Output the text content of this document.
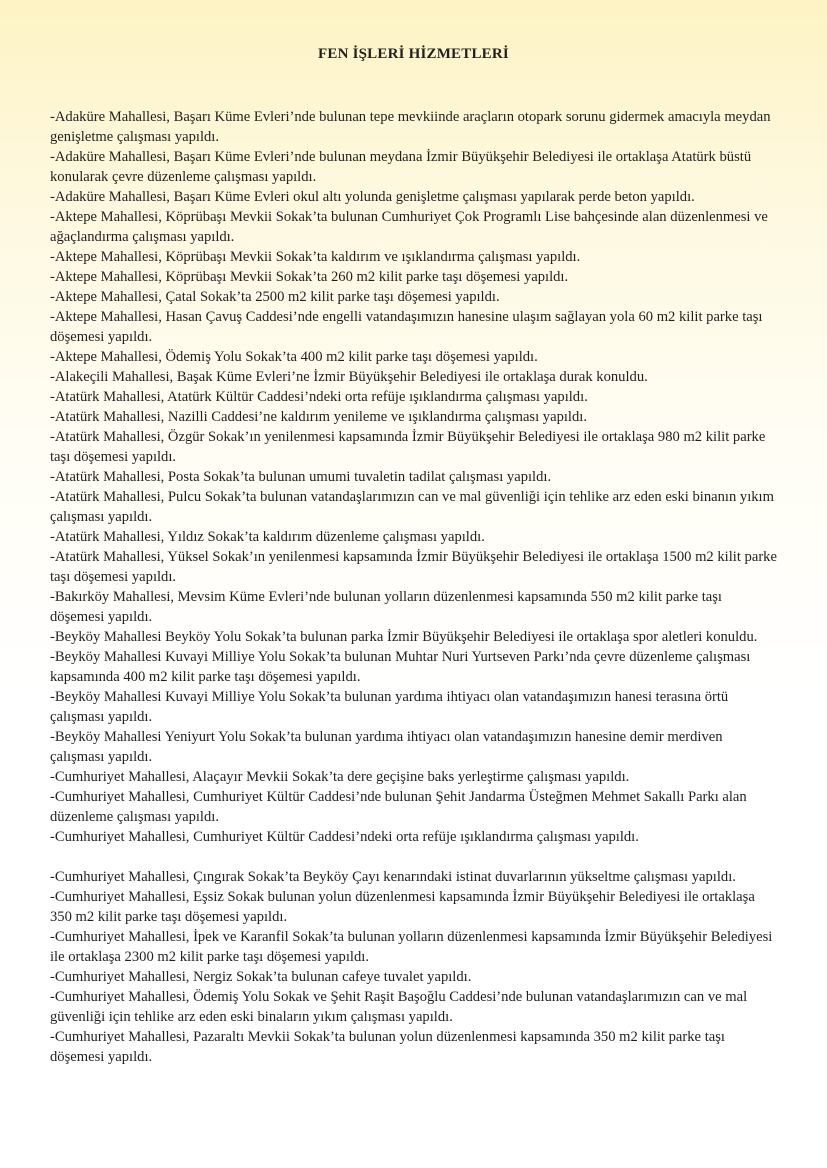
FEN İŞLERİ HİZMETLERİ

-Adaküre Mahallesi, Başarı Küme Evleri’nde bulunan tepe mevkiinde araçların otopark sorunu gidermek amacıyla meydan genişletme çalışması yapıldı.

-Adaküre Mahallesi, Başarı Küme Evleri’nde bulunan meydana İzmir Büyükşehir Belediyesi ile ortaklaşa Atatürk büstü konularak çevre düzenleme çalışması yapıldı.

-Adaküre Mahallesi, Başarı Küme Evleri okul altı yolunda genişletme çalışması yapılarak perde beton yapıldı.

-Aktepe Mahallesi, Köprübaşı Mevkii Sokak’ta bulunan Cumhuriyet Çok Programlı Lise bahçesinde alan düzenlenmesi ve ağaçlandırma çalışması yapıldı.

-Aktepe Mahallesi, Köprübaşı Mevkii Sokak’ta kaldırım ve ışıklandırma çalışması yapıldı.

-Aktepe Mahallesi, Köprübaşı Mevkii Sokak’ta 260 m2 kilit parke taşı döşemesi yapıldı.

-Aktepe Mahallesi, Çatal Sokak’ta 2500 m2 kilit parke taşı döşemesi yapıldı.

-Aktepe Mahallesi, Hasan Çavuş Caddesi’nde engelli vatandaşımızın hanesine ulaşım sağlayan yola 60 m2 kilit parke taşı döşemesi yapıldı.

-Aktepe Mahallesi, Ödemiş Yolu Sokak’ta 400 m2 kilit parke taşı döşemesi yapıldı.

-Alakeçili Mahallesi, Başak Küme Evleri’ne İzmir Büyükşehir Belediyesi ile ortaklaşa durak konuldu.

-Atatürk Mahallesi, Atatürk Kültür Caddesi’ndeki orta refüje ışıklandırma çalışması yapıldı.

-Atatürk Mahallesi, Nazilli Caddesi’ne kaldırım yenileme ve ışıklandırma çalışması yapıldı.

-Atatürk Mahallesi, Özgür Sokak’ın yenilenmesi kapsamında İzmir Büyükşehir Belediyesi ile ortaklaşa 980 m2 kilit parke taşı döşemesi yapıldı.

-Atatürk Mahallesi, Posta Sokak’ta bulunan umumi tuvaletin tadilat çalışması yapıldı.

-Atatürk Mahallesi, Pulcu Sokak’ta bulunan vatandaşlarımızın can ve mal güvenliği için tehlike arz eden eski binanın yıkım çalışması yapıldı.

-Atatürk Mahallesi, Yıldız Sokak’ta kaldırım düzenleme çalışması yapıldı.

-Atatürk Mahallesi, Yüksel Sokak’ın yenilenmesi kapsamında İzmir Büyükşehir Belediyesi ile ortaklaşa 1500 m2 kilit parke taşı döşemesi yapıldı.

-Bakırköy Mahallesi, Mevsim Küme Evleri’nde bulunan yolların düzenlenmesi kapsamında 550 m2 kilit parke taşı döşemesi yapıldı.

-Beyköy Mahallesi Beyköy Yolu Sokak’ta bulunan parka İzmir Büyükşehir Belediyesi ile ortaklaşa spor aletleri konuldu.

-Beyköy Mahallesi Kuvayi Milliye Yolu Sokak’ta bulunan Muhtar Nuri Yurtseven Parkı’nda çevre düzenleme çalışması kapsamında 400 m2 kilit parke taşı döşemesi yapıldı.

-Beyköy Mahallesi Kuvayi Milliye Yolu Sokak’ta bulunan yardıma ihtiyacı olan vatandaşımızın hanesi terasına örtü çalışması yapıldı.

-Beyköy Mahallesi Yeniyurt Yolu Sokak’ta bulunan yardıma ihtiyacı olan vatandaşımızın hanesine demir merdiven çalışması yapıldı.

-Cumhuriyet Mahallesi, Alaçayır Mevkii Sokak’ta dere geçişine baks yerleştirme çalışması yapıldı.

-Cumhuriyet Mahallesi, Cumhuriyet Kültür Caddesi’nde bulunan Şehit Jandarma Üsteğmen Mehmet Sakallı Parkı alan düzenleme çalışması yapıldı.

-Cumhuriyet Mahallesi, Cumhuriyet Kültür Caddesi’ndeki orta refüje ışıklandırma çalışması yapıldı.

-Cumhuriyet Mahallesi, Çıngırak Sokak’ta Beyköy Çayı kenarındaki istinat duvarlarının yükseltme çalışması yapıldı.

-Cumhuriyet Mahallesi, Eşsiz Sokak bulunan yolun düzenlenmesi kapsamında İzmir Büyükşehir Belediyesi ile ortaklaşa 350 m2 kilit parke taşı döşemesi yapıldı.

-Cumhuriyet Mahallesi, İpek ve Karanfil Sokak’ta bulunan yolların düzenlenmesi kapsamında İzmir Büyükşehir Belediyesi ile ortaklaşa 2300 m2 kilit parke taşı döşemesi yapıldı.

-Cumhuriyet Mahallesi, Nergiz Sokak’ta bulunan cafeye tuvalet yapıldı.

-Cumhuriyet Mahallesi, Ödemiş Yolu Sokak ve Şehit Raşit Başoğlu Caddesi’nde bulunan vatandaşlarımızın can ve mal güvenliği için tehlike arz eden eski binaların yıkım çalışması yapıldı.

-Cumhuriyet Mahallesi, Pazaraltı Mevkii Sokak’ta bulunan yolun düzenlenmesi kapsamında 350 m2 kilit parke taşı döşemesi yapıldı.
